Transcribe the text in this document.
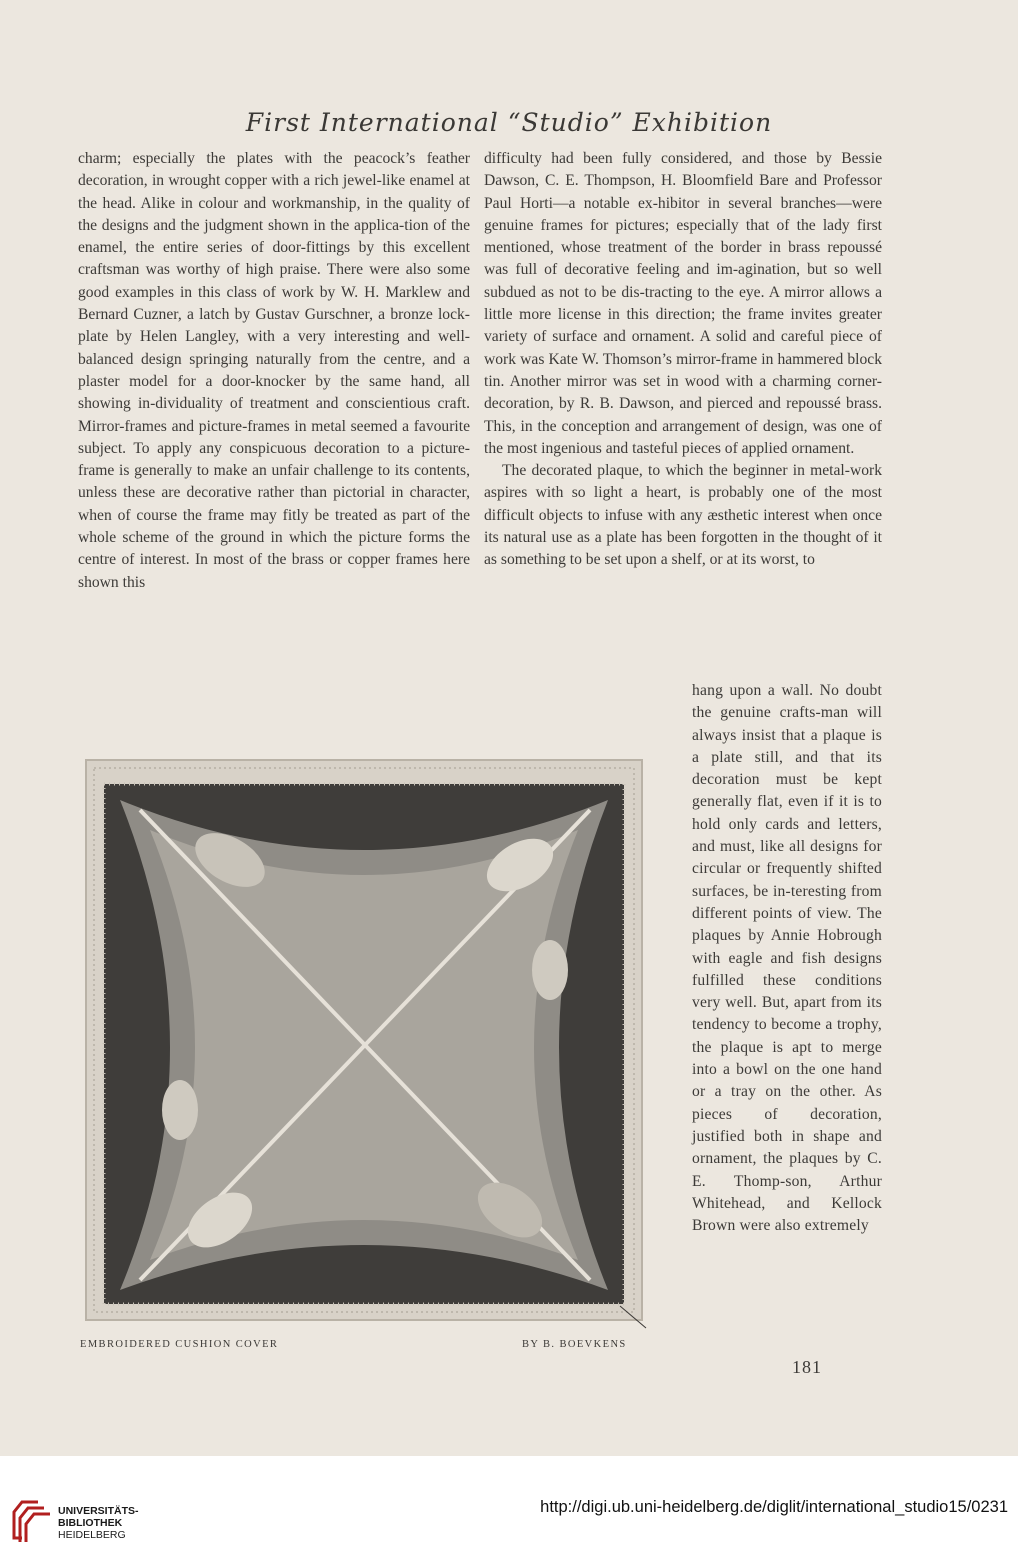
First International “Studio” Exhibition

charm; especially the plates with the peacock’s feather decoration, in wrought copper with a rich jewel-like enamel at the head. Alike in colour and workmanship, in the quality of the designs and the judgment shown in the applica-tion of the enamel, the entire series of door-fittings by this excellent craftsman was worthy of high praise. There were also some good examples in this class of work by W. H. Marklew and Bernard Cuzner, a latch by Gustav Gurschner, a bronze lock-plate by Helen Langley, with a very interesting and well-balanced design springing naturally from the centre, and a plaster model for a door-knocker by the same hand, all showing in-dividuality of treatment and conscientious craft. Mirror-frames and picture-frames in metal seemed a favourite subject. To apply any conspicuous decoration to a picture-frame is generally to make an unfair challenge to its contents, unless these are decorative rather than pictorial in character, when of course the frame may fitly be treated as part of the whole scheme of the ground in which the picture forms the centre of interest. In most of the brass or copper frames here shown this

difficulty had been fully considered, and those by Bessie Dawson, C. E. Thompson, H. Bloomfield Bare and Professor Paul Horti—a notable ex-hibitor in several branches—were genuine frames for pictures; especially that of the lady first mentioned, whose treatment of the border in brass repoussé was full of decorative feeling and im-agination, but so well subdued as not to be dis-tracting to the eye. A mirror allows a little more license in this direction; the frame invites greater variety of surface and ornament. A solid and careful piece of work was Kate W. Thomson’s mirror-frame in hammered block tin. Another mirror was set in wood with a charming corner-decoration, by R. B. Dawson, and pierced and repoussé brass. This, in the conception and arrangement of design, was one of the most ingenious and tasteful pieces of applied ornament.

The decorated plaque, to which the beginner in metal-work aspires with so light a heart, is probably one of the most difficult objects to infuse with any æsthetic interest when once its natural use as a plate has been forgotten in the thought of it as something to be set upon a shelf, or at its worst, to

hang upon a wall. No doubt the genuine crafts-man will always insist that a plaque is a plate still, and that its decoration must be kept generally flat, even if it is to hold only cards and letters, and must, like all designs for circular or frequently shifted surfaces, be in-teresting from different points of view. The plaques by Annie Hobrough with eagle and fish designs fulfilled these conditions very well. But, apart from its tendency to become a trophy, the plaque is apt to merge into a bowl on the one hand or a tray on the other. As pieces of decoration, justified both in shape and ornament, the plaques by C. E. Thomp-son, Arthur Whitehead, and Kellock Brown were also extremely

EMBROIDERED CUSHION COVER	BY B. BOEVKENS
181
UNIVERSITÄTS-
BIBLIOTHEK
HEIDELBERG
http://digi.ub.uni-heidelberg.de/diglit/international_studio15/0231
